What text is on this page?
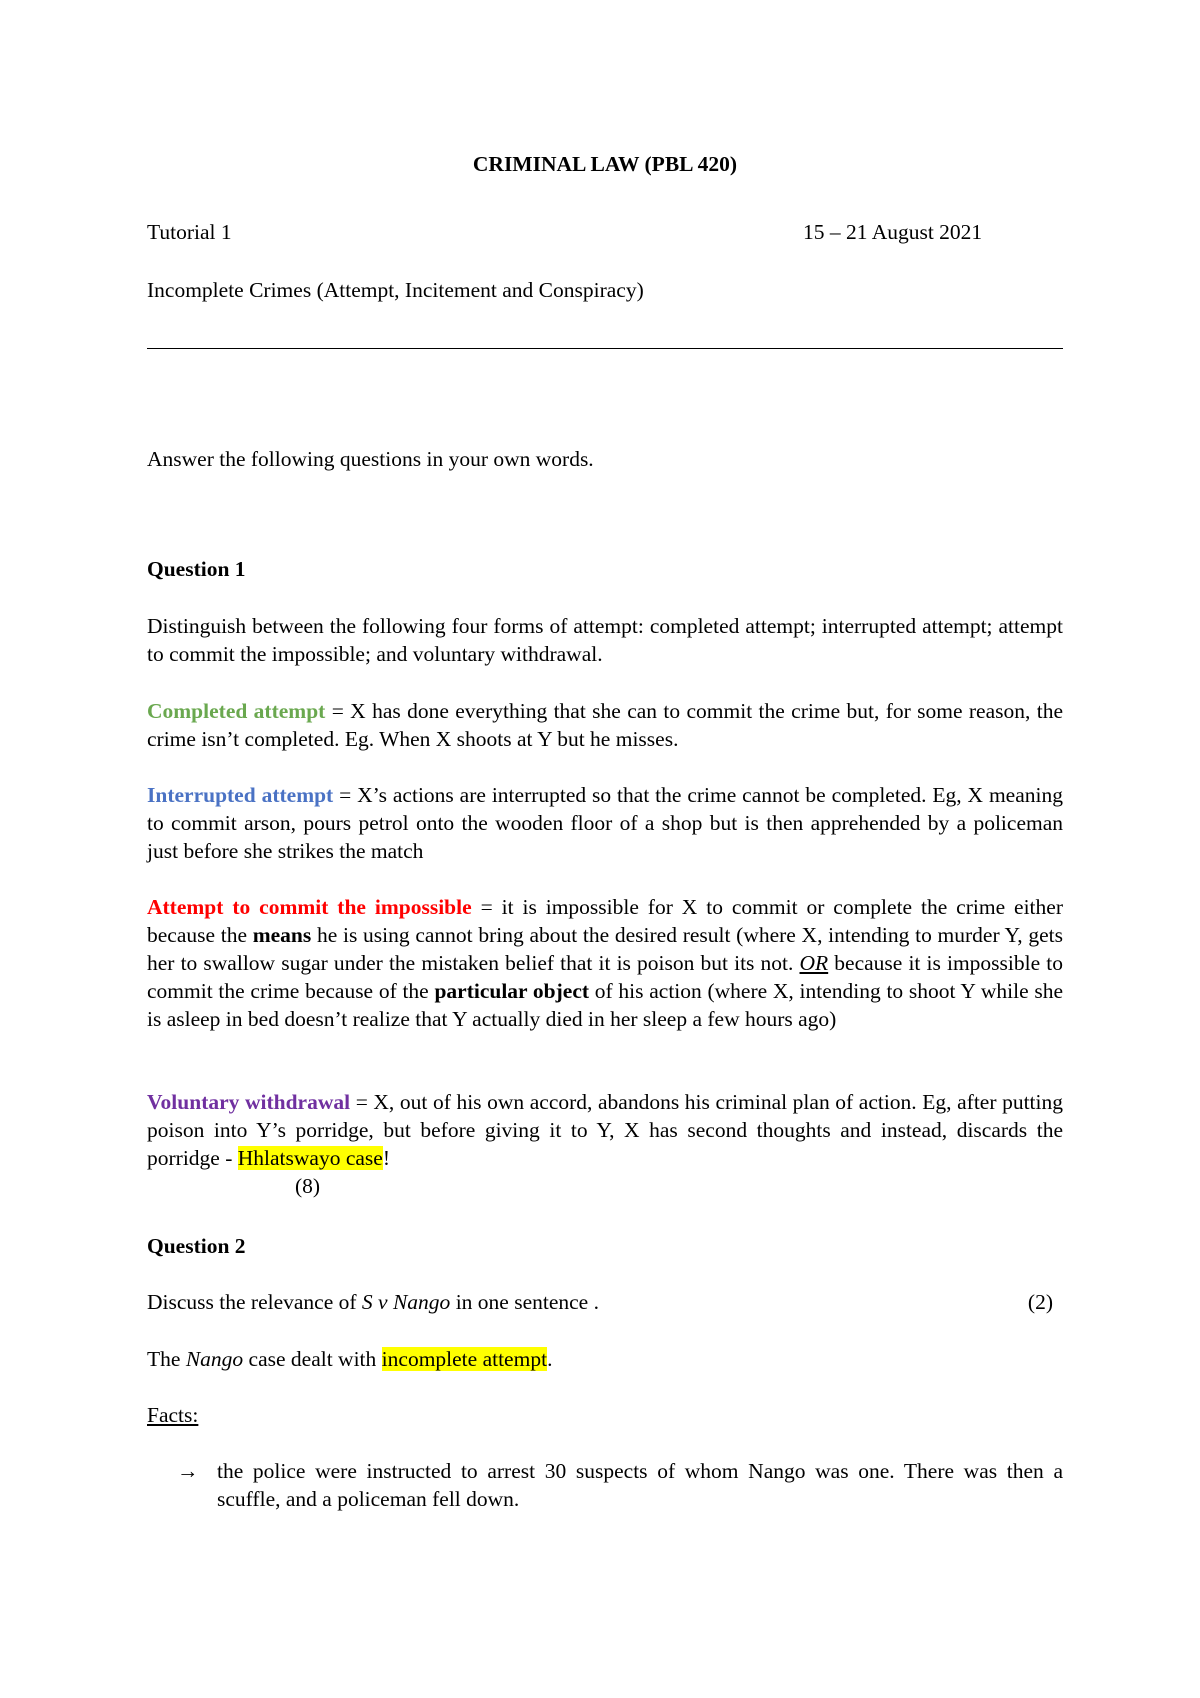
CRIMINAL LAW (PBL 420)
Tutorial 1	15 – 21 August 2021
Incomplete Crimes (Attempt, Incitement and Conspiracy)
Answer the following questions in your own words.
Question 1
Distinguish between the following four forms of attempt: completed attempt; interrupted attempt; attempt to commit the impossible; and voluntary withdrawal.
Completed attempt = X has done everything that she can to commit the crime but, for some reason, the crime isn’t completed. Eg. When X shoots at Y but he misses.
Interrupted attempt = X’s actions are interrupted so that the crime cannot be completed. Eg, X meaning to commit arson, pours petrol onto the wooden floor of a shop but is then apprehended by a policeman just before she strikes the match
Attempt to commit the impossible = it is impossible for X to commit or complete the crime either because the means he is using cannot bring about the desired result (where X, intending to murder Y, gets her to swallow sugar under the mistaken belief that it is poison but its not. OR because it is impossible to commit the crime because of the particular object of his action (where X, intending to shoot Y while she is asleep in bed doesn’t realize that Y actually died in her sleep a few hours ago)
Voluntary withdrawal = X, out of his own accord, abandons his criminal plan of action. Eg, after putting poison into Y’s porridge, but before giving it to Y, X has second thoughts and instead, discards the porridge - Hhlatswayo case!
(8)
Question 2
Discuss the relevance of S v Nango in one sentence .	(2)
The Nango case dealt with incomplete attempt.
Facts:
→ the police were instructed to arrest 30 suspects of whom Nango was one. There was then a scuffle, and a policeman fell down.
